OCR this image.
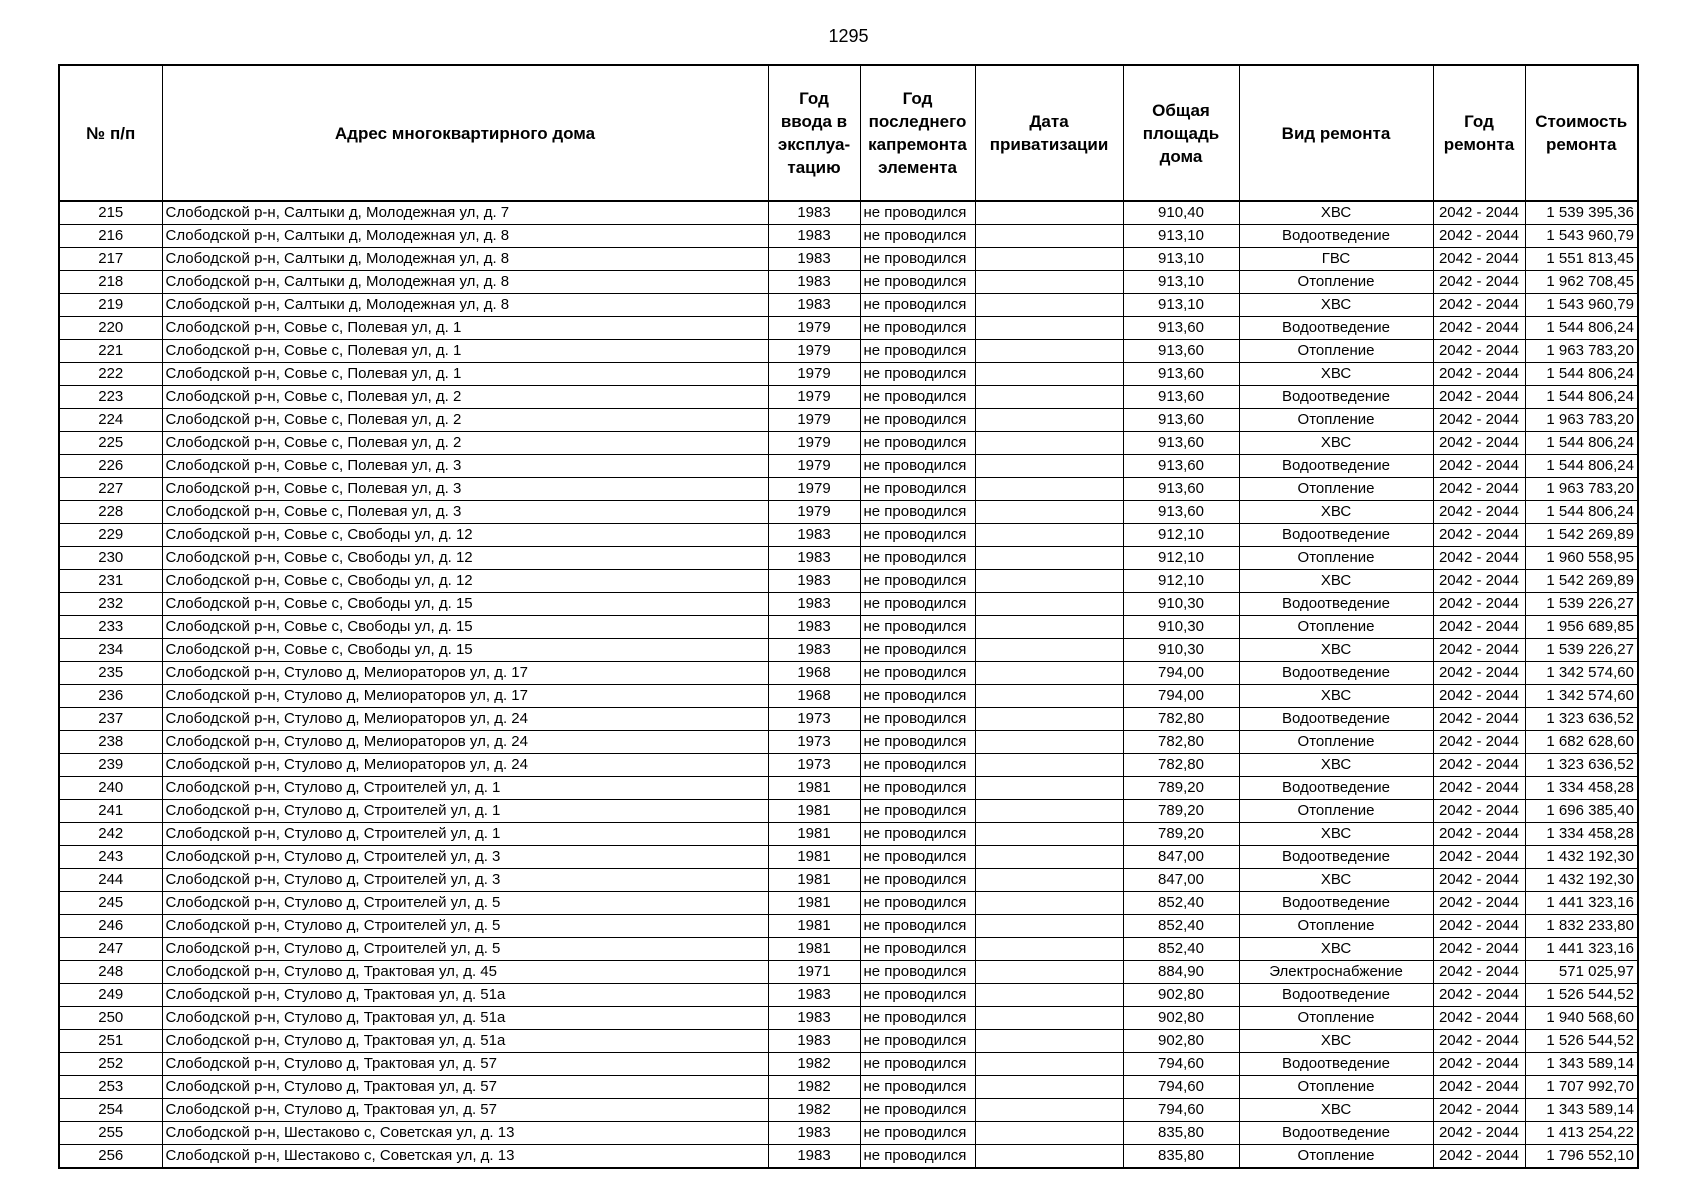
1295
№ п/п	Адрес многоквартирного дома	Год ввода в эксплуа-тацию	Год последнего капремонта элемента	Дата приватизации	Общая площадь дома	Вид ремонта	Год ремонта	Стоимость ремонта
215	Слободской р-н, Салтыки д, Молодежная ул, д. 7	1983	не проводился		910,40	ХВС	2042 - 2044	1 539 395,36
216	Слободской р-н, Салтыки д, Молодежная ул, д. 8	1983	не проводился		913,10	Водоотведение	2042 - 2044	1 543 960,79
217	Слободской р-н, Салтыки д, Молодежная ул, д. 8	1983	не проводился		913,10	ГВС	2042 - 2044	1 551 813,45
218	Слободской р-н, Салтыки д, Молодежная ул, д. 8	1983	не проводился		913,10	Отопление	2042 - 2044	1 962 708,45
219	Слободской р-н, Салтыки д, Молодежная ул, д. 8	1983	не проводился		913,10	ХВС	2042 - 2044	1 543 960,79
220	Слободской р-н, Совье с, Полевая ул, д. 1	1979	не проводился		913,60	Водоотведение	2042 - 2044	1 544 806,24
221	Слободской р-н, Совье с, Полевая ул, д. 1	1979	не проводился		913,60	Отопление	2042 - 2044	1 963 783,20
222	Слободской р-н, Совье с, Полевая ул, д. 1	1979	не проводился		913,60	ХВС	2042 - 2044	1 544 806,24
223	Слободской р-н, Совье с, Полевая ул, д. 2	1979	не проводился		913,60	Водоотведение	2042 - 2044	1 544 806,24
224	Слободской р-н, Совье с, Полевая ул, д. 2	1979	не проводился		913,60	Отопление	2042 - 2044	1 963 783,20
225	Слободской р-н, Совье с, Полевая ул, д. 2	1979	не проводился		913,60	ХВС	2042 - 2044	1 544 806,24
226	Слободской р-н, Совье с, Полевая ул, д. 3	1979	не проводился		913,60	Водоотведение	2042 - 2044	1 544 806,24
227	Слободской р-н, Совье с, Полевая ул, д. 3	1979	не проводился		913,60	Отопление	2042 - 2044	1 963 783,20
228	Слободской р-н, Совье с, Полевая ул, д. 3	1979	не проводился		913,60	ХВС	2042 - 2044	1 544 806,24
229	Слободской р-н, Совье с, Свободы ул, д. 12	1983	не проводился		912,10	Водоотведение	2042 - 2044	1 542 269,89
230	Слободской р-н, Совье с, Свободы ул, д. 12	1983	не проводился		912,10	Отопление	2042 - 2044	1 960 558,95
231	Слободской р-н, Совье с, Свободы ул, д. 12	1983	не проводился		912,10	ХВС	2042 - 2044	1 542 269,89
232	Слободской р-н, Совье с, Свободы ул, д. 15	1983	не проводился		910,30	Водоотведение	2042 - 2044	1 539 226,27
233	Слободской р-н, Совье с, Свободы ул, д. 15	1983	не проводился		910,30	Отопление	2042 - 2044	1 956 689,85
234	Слободской р-н, Совье с, Свободы ул, д. 15	1983	не проводился		910,30	ХВС	2042 - 2044	1 539 226,27
235	Слободской р-н, Стулово д, Мелиораторов ул, д. 17	1968	не проводился		794,00	Водоотведение	2042 - 2044	1 342 574,60
236	Слободской р-н, Стулово д, Мелиораторов ул, д. 17	1968	не проводился		794,00	ХВС	2042 - 2044	1 342 574,60
237	Слободской р-н, Стулово д, Мелиораторов ул, д. 24	1973	не проводился		782,80	Водоотведение	2042 - 2044	1 323 636,52
238	Слободской р-н, Стулово д, Мелиораторов ул, д. 24	1973	не проводился		782,80	Отопление	2042 - 2044	1 682 628,60
239	Слободской р-н, Стулово д, Мелиораторов ул, д. 24	1973	не проводился		782,80	ХВС	2042 - 2044	1 323 636,52
240	Слободской р-н, Стулово д, Строителей ул, д. 1	1981	не проводился		789,20	Водоотведение	2042 - 2044	1 334 458,28
241	Слободской р-н, Стулово д, Строителей ул, д. 1	1981	не проводился		789,20	Отопление	2042 - 2044	1 696 385,40
242	Слободской р-н, Стулово д, Строителей ул, д. 1	1981	не проводился		789,20	ХВС	2042 - 2044	1 334 458,28
243	Слободской р-н, Стулово д, Строителей ул, д. 3	1981	не проводился		847,00	Водоотведение	2042 - 2044	1 432 192,30
244	Слободской р-н, Стулово д, Строителей ул, д. 3	1981	не проводился		847,00	ХВС	2042 - 2044	1 432 192,30
245	Слободской р-н, Стулово д, Строителей ул, д. 5	1981	не проводился		852,40	Водоотведение	2042 - 2044	1 441 323,16
246	Слободской р-н, Стулово д, Строителей ул, д. 5	1981	не проводился		852,40	Отопление	2042 - 2044	1 832 233,80
247	Слободской р-н, Стулово д, Строителей ул, д. 5	1981	не проводился		852,40	ХВС	2042 - 2044	1 441 323,16
248	Слободской р-н, Стулово д, Трактовая ул, д. 45	1971	не проводился		884,90	Электроснабжение	2042 - 2044	571 025,97
249	Слободской р-н, Стулово д, Трактовая ул, д. 51а	1983	не проводился		902,80	Водоотведение	2042 - 2044	1 526 544,52
250	Слободской р-н, Стулово д, Трактовая ул, д. 51а	1983	не проводился		902,80	Отопление	2042 - 2044	1 940 568,60
251	Слободской р-н, Стулово д, Трактовая ул, д. 51а	1983	не проводился		902,80	ХВС	2042 - 2044	1 526 544,52
252	Слободской р-н, Стулово д, Трактовая ул, д. 57	1982	не проводился		794,60	Водоотведение	2042 - 2044	1 343 589,14
253	Слободской р-н, Стулово д, Трактовая ул, д. 57	1982	не проводился		794,60	Отопление	2042 - 2044	1 707 992,70
254	Слободской р-н, Стулово д, Трактовая ул, д. 57	1982	не проводился		794,60	ХВС	2042 - 2044	1 343 589,14
255	Слободской р-н, Шестаково с, Советская ул, д. 13	1983	не проводился		835,80	Водоотведение	2042 - 2044	1 413 254,22
256	Слободской р-н, Шестаково с, Советская ул, д. 13	1983	не проводился		835,80	Отопление	2042 - 2044	1 796 552,10
